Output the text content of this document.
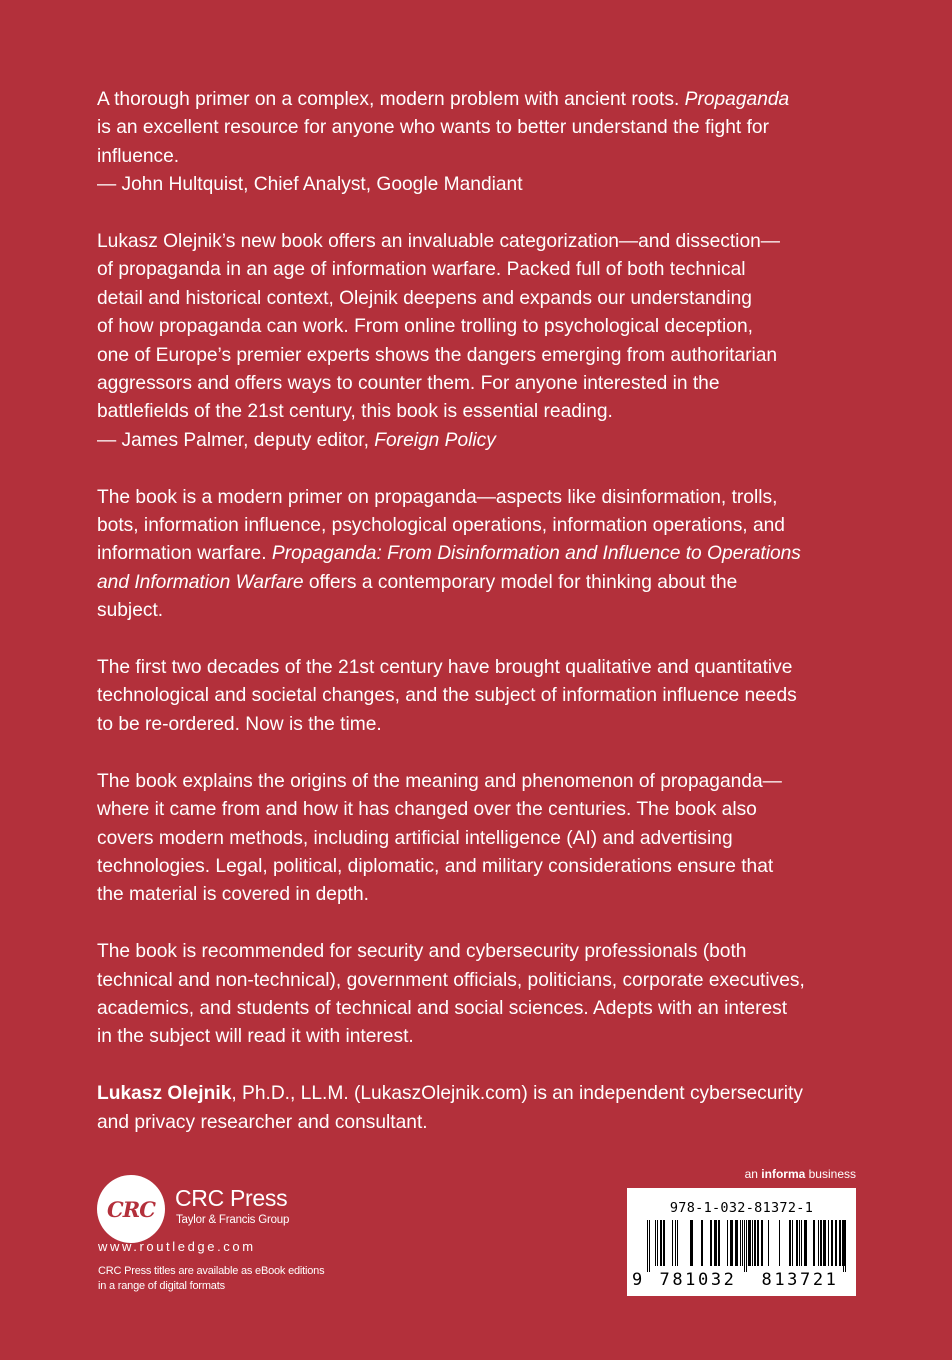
A thorough primer on a complex, modern problem with ancient roots. Propaganda
is an excellent resource for anyone who wants to better understand the fight for
influence.
— John Hultquist, Chief Analyst, Google Mandiant
Lukasz Olejnik’s new book offers an invaluable categorization—and dissection—
of propaganda in an age of information warfare. Packed full of both technical
detail and historical context, Olejnik deepens and expands our understanding
of how propaganda can work. From online trolling to psychological deception,
one of Europe’s premier experts shows the dangers emerging from authoritarian
aggressors and offers ways to counter them. For anyone interested in the
battlefields of the 21st century, this book is essential reading.
— James Palmer, deputy editor, Foreign Policy
The book is a modern primer on propaganda—aspects like disinformation, trolls,
bots, information influence, psychological operations, information operations, and
information warfare. Propaganda: From Disinformation and Influence to Operations
and Information Warfare offers a contemporary model for thinking about the
subject.
The first two decades of the 21st century have brought qualitative and quantitative
technological and societal changes, and the subject of information influence needs
to be re-ordered. Now is the time.
The book explains the origins of the meaning and phenomenon of propaganda—
where it came from and how it has changed over the centuries. The book also
covers modern methods, including artificial intelligence (AI) and advertising
technologies. Legal, political, diplomatic, and military considerations ensure that
the material is covered in depth.
The book is recommended for security and cybersecurity professionals (both
technical and non-technical), government officials, politicians, corporate executives,
academics, and students of technical and social sciences. Adepts with an interest
in the subject will read it with interest.
Lukasz Olejnik, Ph.D., LL.M. (LukaszOlejnik.com) is an independent cybersecurity
and privacy researcher and consultant.
CRC CRC Press
Taylor & Francis Group
www.routledge.com
CRC Press titles are available as eBook editions
in a range of digital formats
an informa business
978-1-032-81372-1
9	781032	813721
